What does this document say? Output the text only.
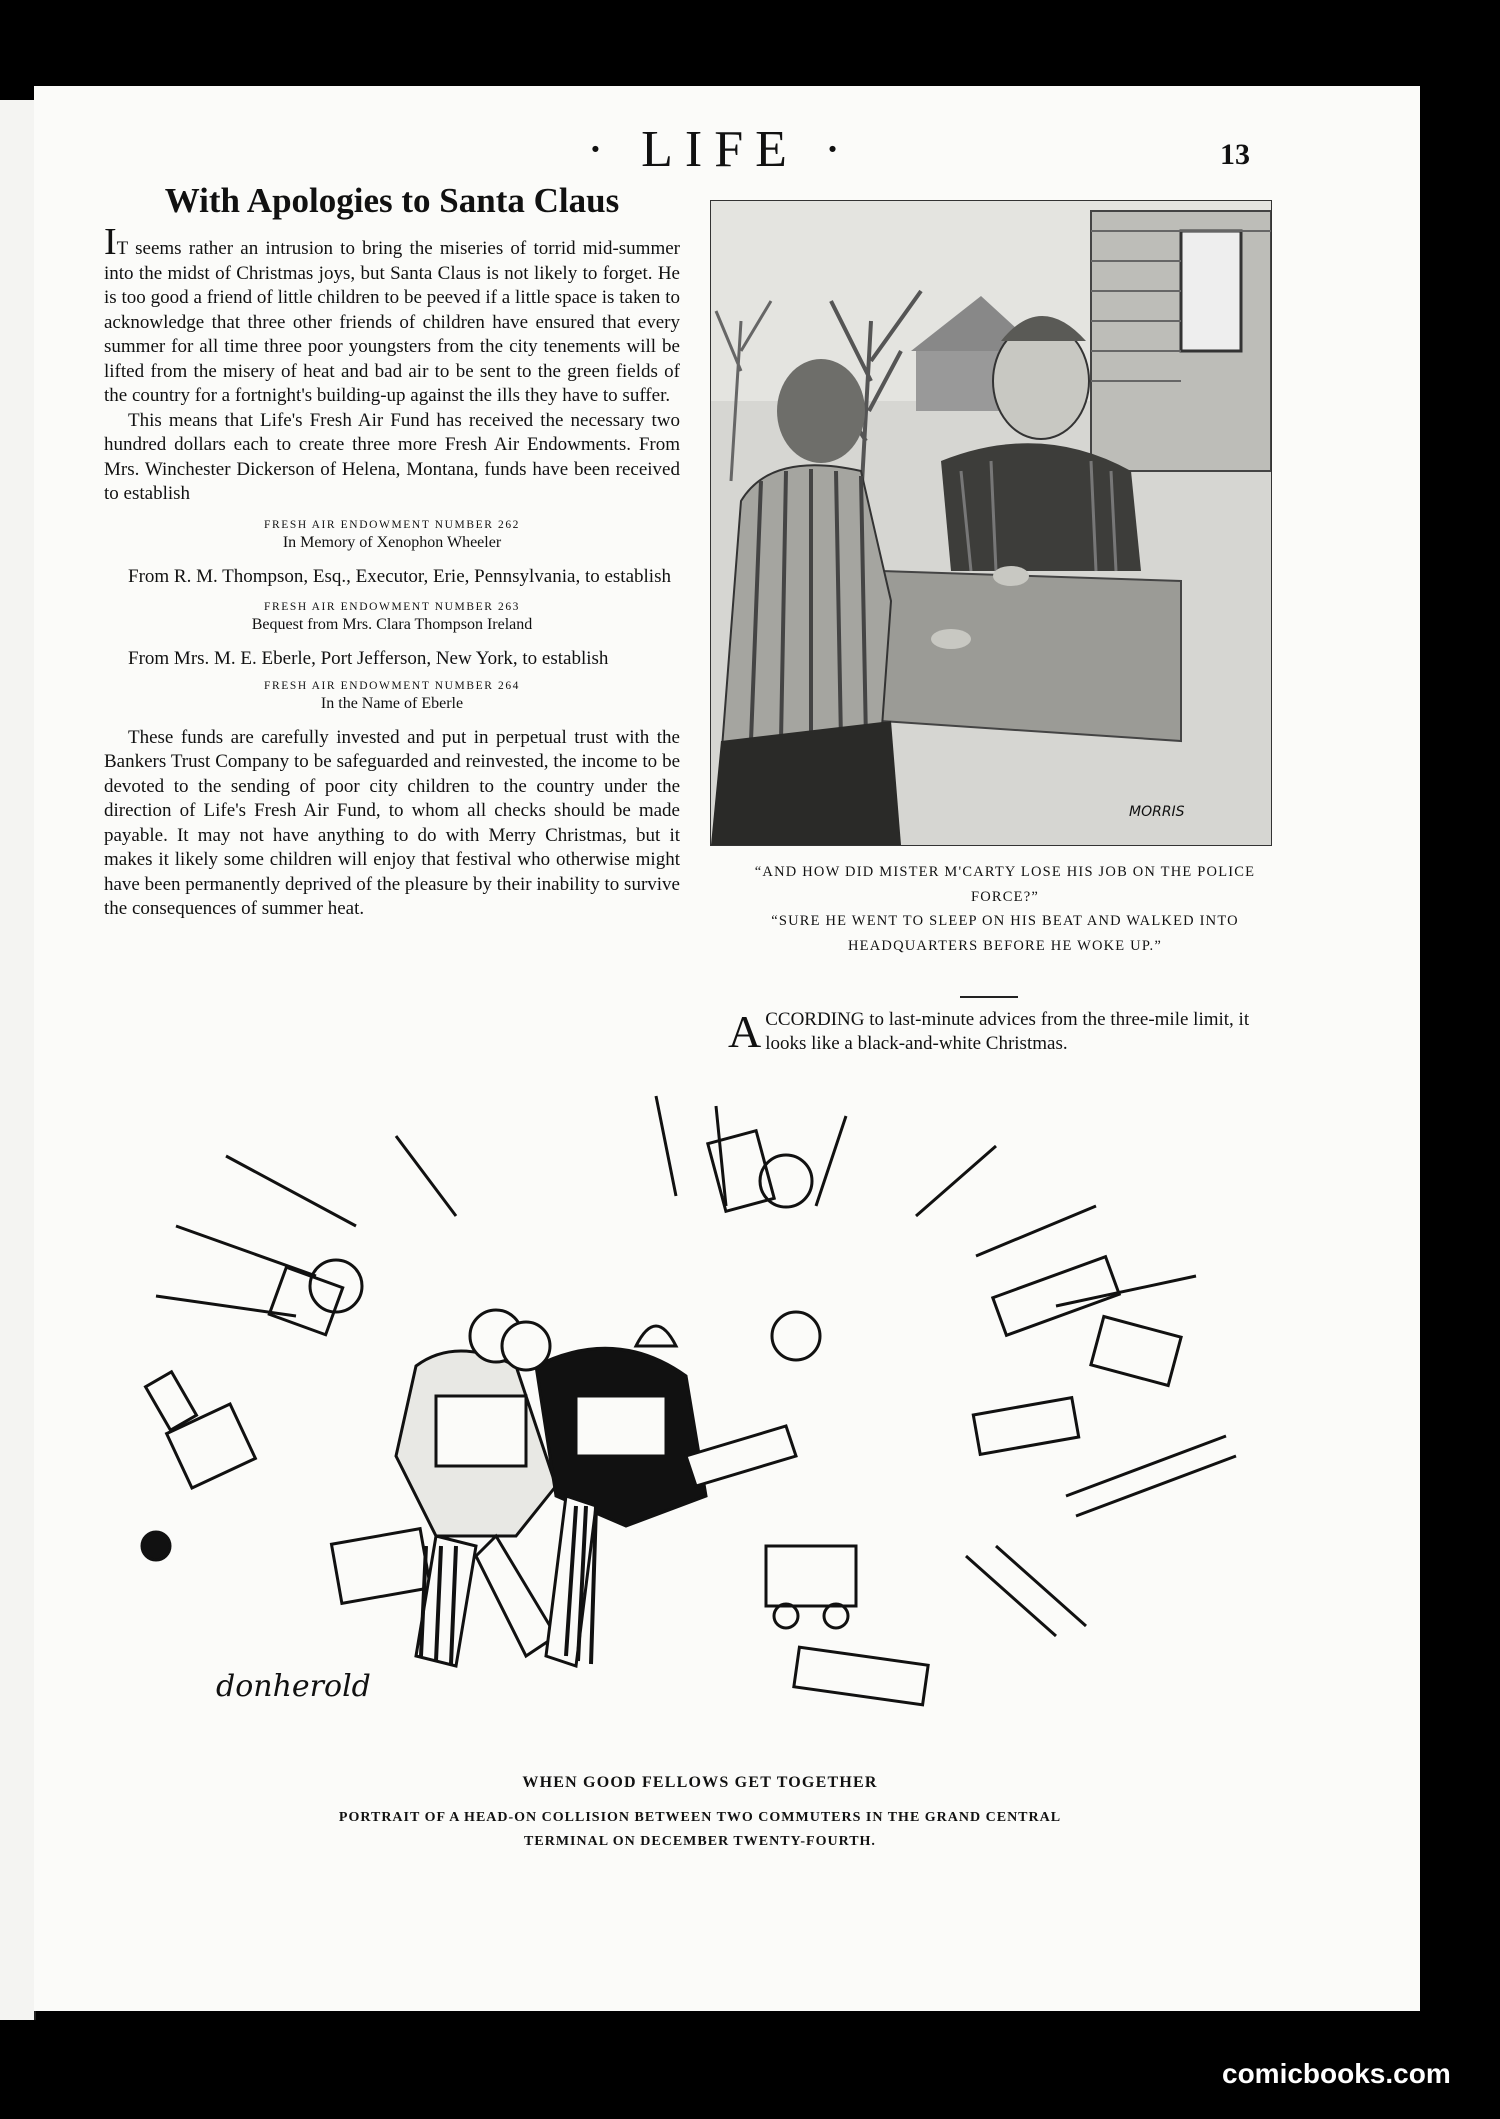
· LIFE ·	13
With Apologies to Santa Claus

IT seems rather an intrusion to bring the miseries of torrid mid-summer into the midst of Christmas joys, but Santa Claus is not likely to forget. He is too good a friend of little children to be peeved if a little space is taken to acknowledge that three other friends of children have ensured that every summer for all time three poor youngsters from the city tenements will be lifted from the misery of heat and bad air to be sent to the green fields of the country for a fortnight's building-up against the ills they have to suffer.

This means that Life's Fresh Air Fund has received the necessary two hundred dollars each to create three more Fresh Air Endowments. From Mrs. Winchester Dickerson of Helena, Montana, funds have been received to establish

FRESH AIR ENDOWMENT NUMBER 262
In Memory of Xenophon Wheeler

From R. M. Thompson, Esq., Executor, Erie, Pennsylvania, to establish

FRESH AIR ENDOWMENT NUMBER 263
Bequest from Mrs. Clara Thompson Ireland

From Mrs. M. E. Eberle, Port Jefferson, New York, to establish

FRESH AIR ENDOWMENT NUMBER 264
In the Name of Eberle

These funds are carefully invested and put in perpetual trust with the Bankers Trust Company to be safeguarded and reinvested, the income to be devoted to the sending of poor city children to the country under the direction of Life's Fresh Air Fund, to whom all checks should be made payable. It may not have anything to do with Merry Christmas, but it makes it likely some children will enjoy that festival who otherwise might have been permanently deprived of the pleasure by their inability to survive the consequences of summer heat.

MORRIS
“AND HOW DID MISTER M'CARTY LOSE HIS JOB ON THE POLICE FORCE?”
“SURE HE WENT TO SLEEP ON HIS BEAT AND WALKED INTO HEADQUARTERS BEFORE HE WOKE UP.”
A CCORDING to last-minute advices from the three-mile limit, it looks like a black-and-white Christmas.
donherold
WHEN GOOD FELLOWS GET TOGETHER
PORTRAIT OF A HEAD-ON COLLISION BETWEEN TWO COMMUTERS IN THE GRAND CENTRAL TERMINAL ON DECEMBER TWENTY-FOURTH.
comicbooks.com
